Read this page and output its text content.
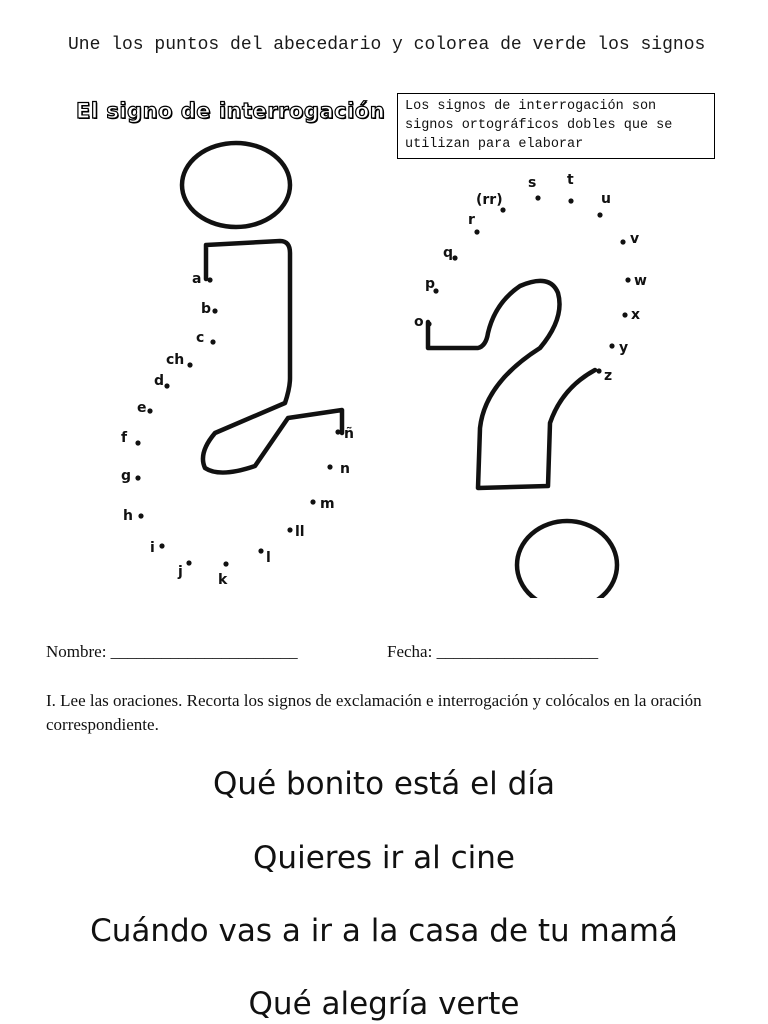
Une los puntos del abecedario y colorea de verde los signos
El signo de interrogación	Los signos de interrogación son signos ortográficos dobles que se utilizan para elaborar
a
b
c
ch
d
e
f
g
h
i
j	k
l
ll
m
n
ñ
o
p
q
r
(rr)
s t
u
v
w
x
y
z
Nombre: ______________________	Fecha: ___________________
I. Lee las oraciones. Recorta los signos de exclamación e interrogación y colócalos en la oración correspondiente.
Qué bonito está el día
Quieres ir al cine
Cuándo vas a ir a la casa de tu mamá
Qué alegría verte
